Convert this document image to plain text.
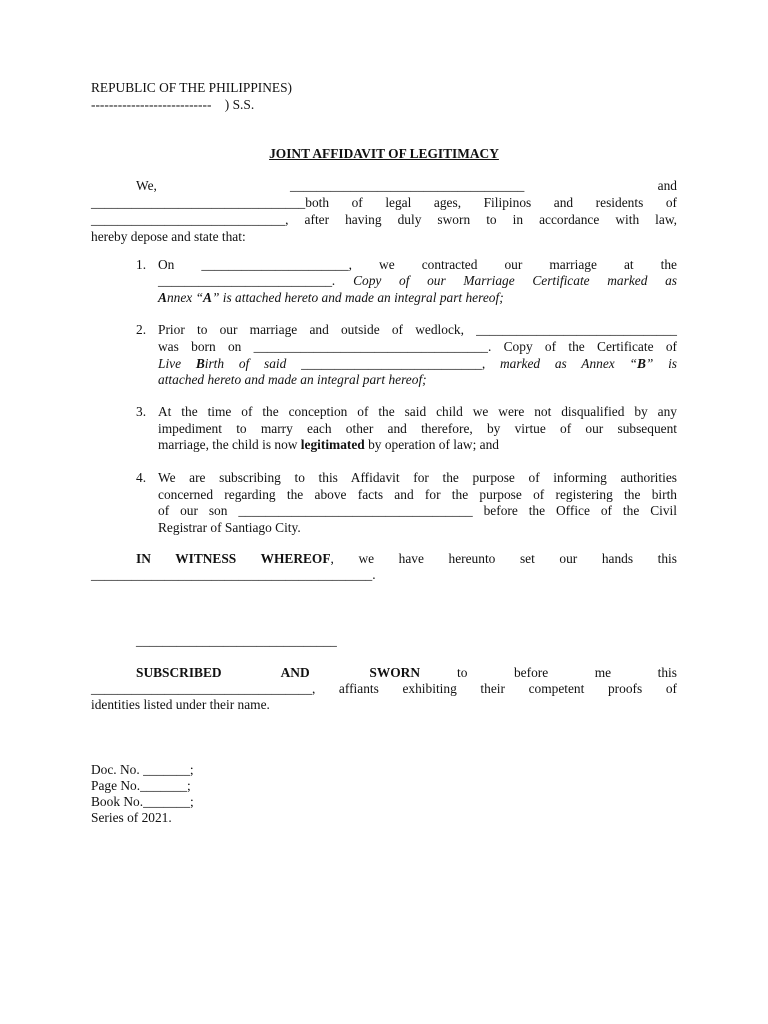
REPUBLIC OF THE PHILIPPINES)
---------------------------    ) S.S.
JOINT AFFIDAVIT OF LEGITIMACY
We,	___________________________________	and
________________________________both of legal ages, Filipinos and residents of
_____________________________, after having duly sworn to in accordance with law,
hereby depose and state that:
1. On ______________________, we contracted our marriage at the
__________________________. Copy of our Marriage Certificate marked as
Annex “A” is attached hereto and made an integral part hereof;
2. Prior to our marriage and outside of wedlock, ______________________________
was born on ___________________________________. Copy of the Certificate of
Live Birth of said ___________________________, marked as Annex “B” is
attached hereto and made an integral part hereof;
3. At the time of the conception of the said child we were not disqualified by any
impediment to marry each other and therefore, by virtue of our subsequent
marriage, the child is now legitimated by operation of law; and
4. We are subscribing to this Affidavit for the purpose of informing authorities
concerned regarding the above facts and for the purpose of registering the birth
of our son ___________________________________ before the Office of the Civil
Registrar of Santiago City.
IN WITNESS WHEREOF, we have hereunto set our hands this
__________________________________________.
______________________________
SUBSCRIBED AND SWORN	to before me this
_________________________________, affiants exhibiting their competent proofs of
identities listed under their name.
Doc. No. _______;
Page No._______;
Book No._______;
Series of 2021.
